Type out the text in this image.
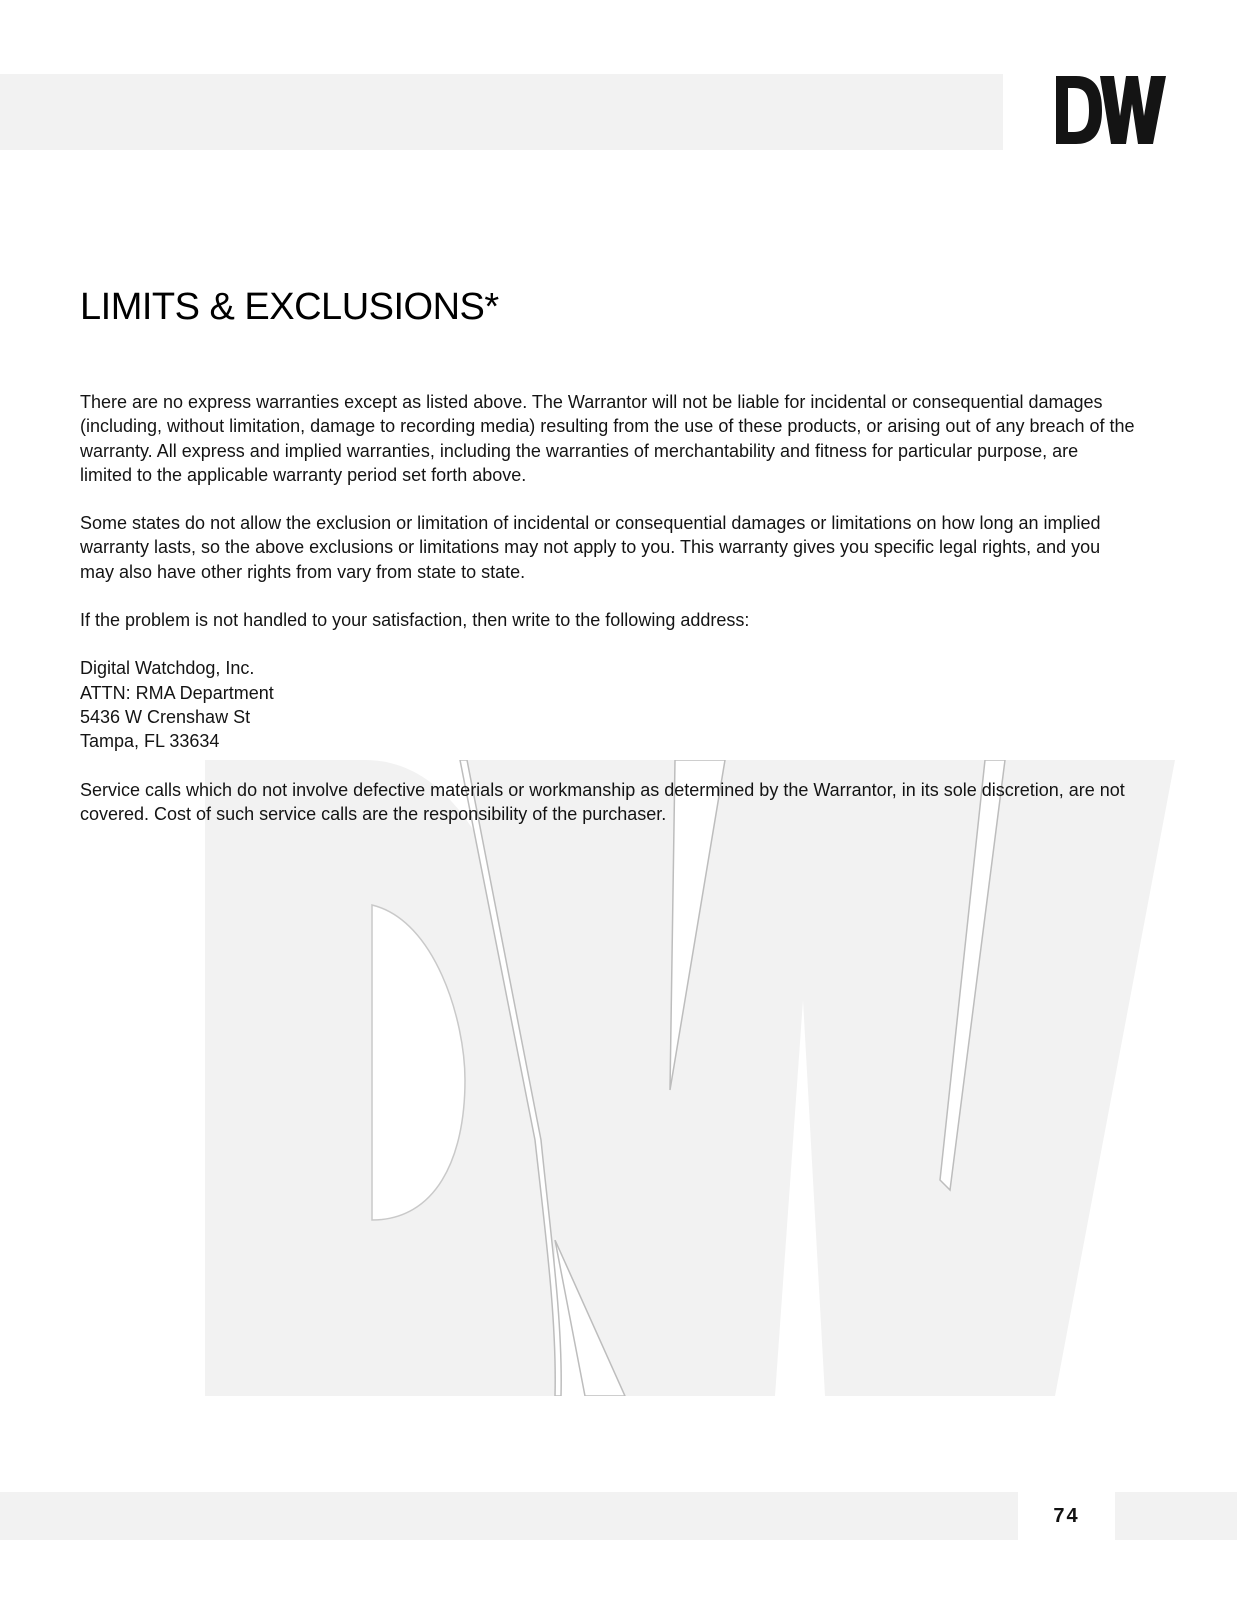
LIMITS & EXCLUSIONS*

There are no express warranties except as listed above. The Warrantor will not be liable for incidental or consequential damages (including, without limitation, damage to recording media) resulting from the use of these products, or arising out of any breach of the warranty. All express and implied warranties, including the warranties of merchantability and fitness for particular purpose, are limited to the applicable warranty period set forth above.

Some states do not allow the exclusion or limitation of incidental or consequential damages or limitations on how long an implied warranty lasts, so the above exclusions or limitations may not apply to you. This warranty gives you specific legal rights, and you may also have other rights from vary from state to state.

If the problem is not handled to your satisfaction, then write to the following address:

Digital Watchdog, Inc.
ATTN: RMA Department
5436 W Crenshaw St
Tampa, FL 33634

Service calls which do not involve defective materials or workmanship as determined by the Warrantor, in its sole discretion, are not covered. Cost of such service calls are the responsibility of the purchaser.

74
